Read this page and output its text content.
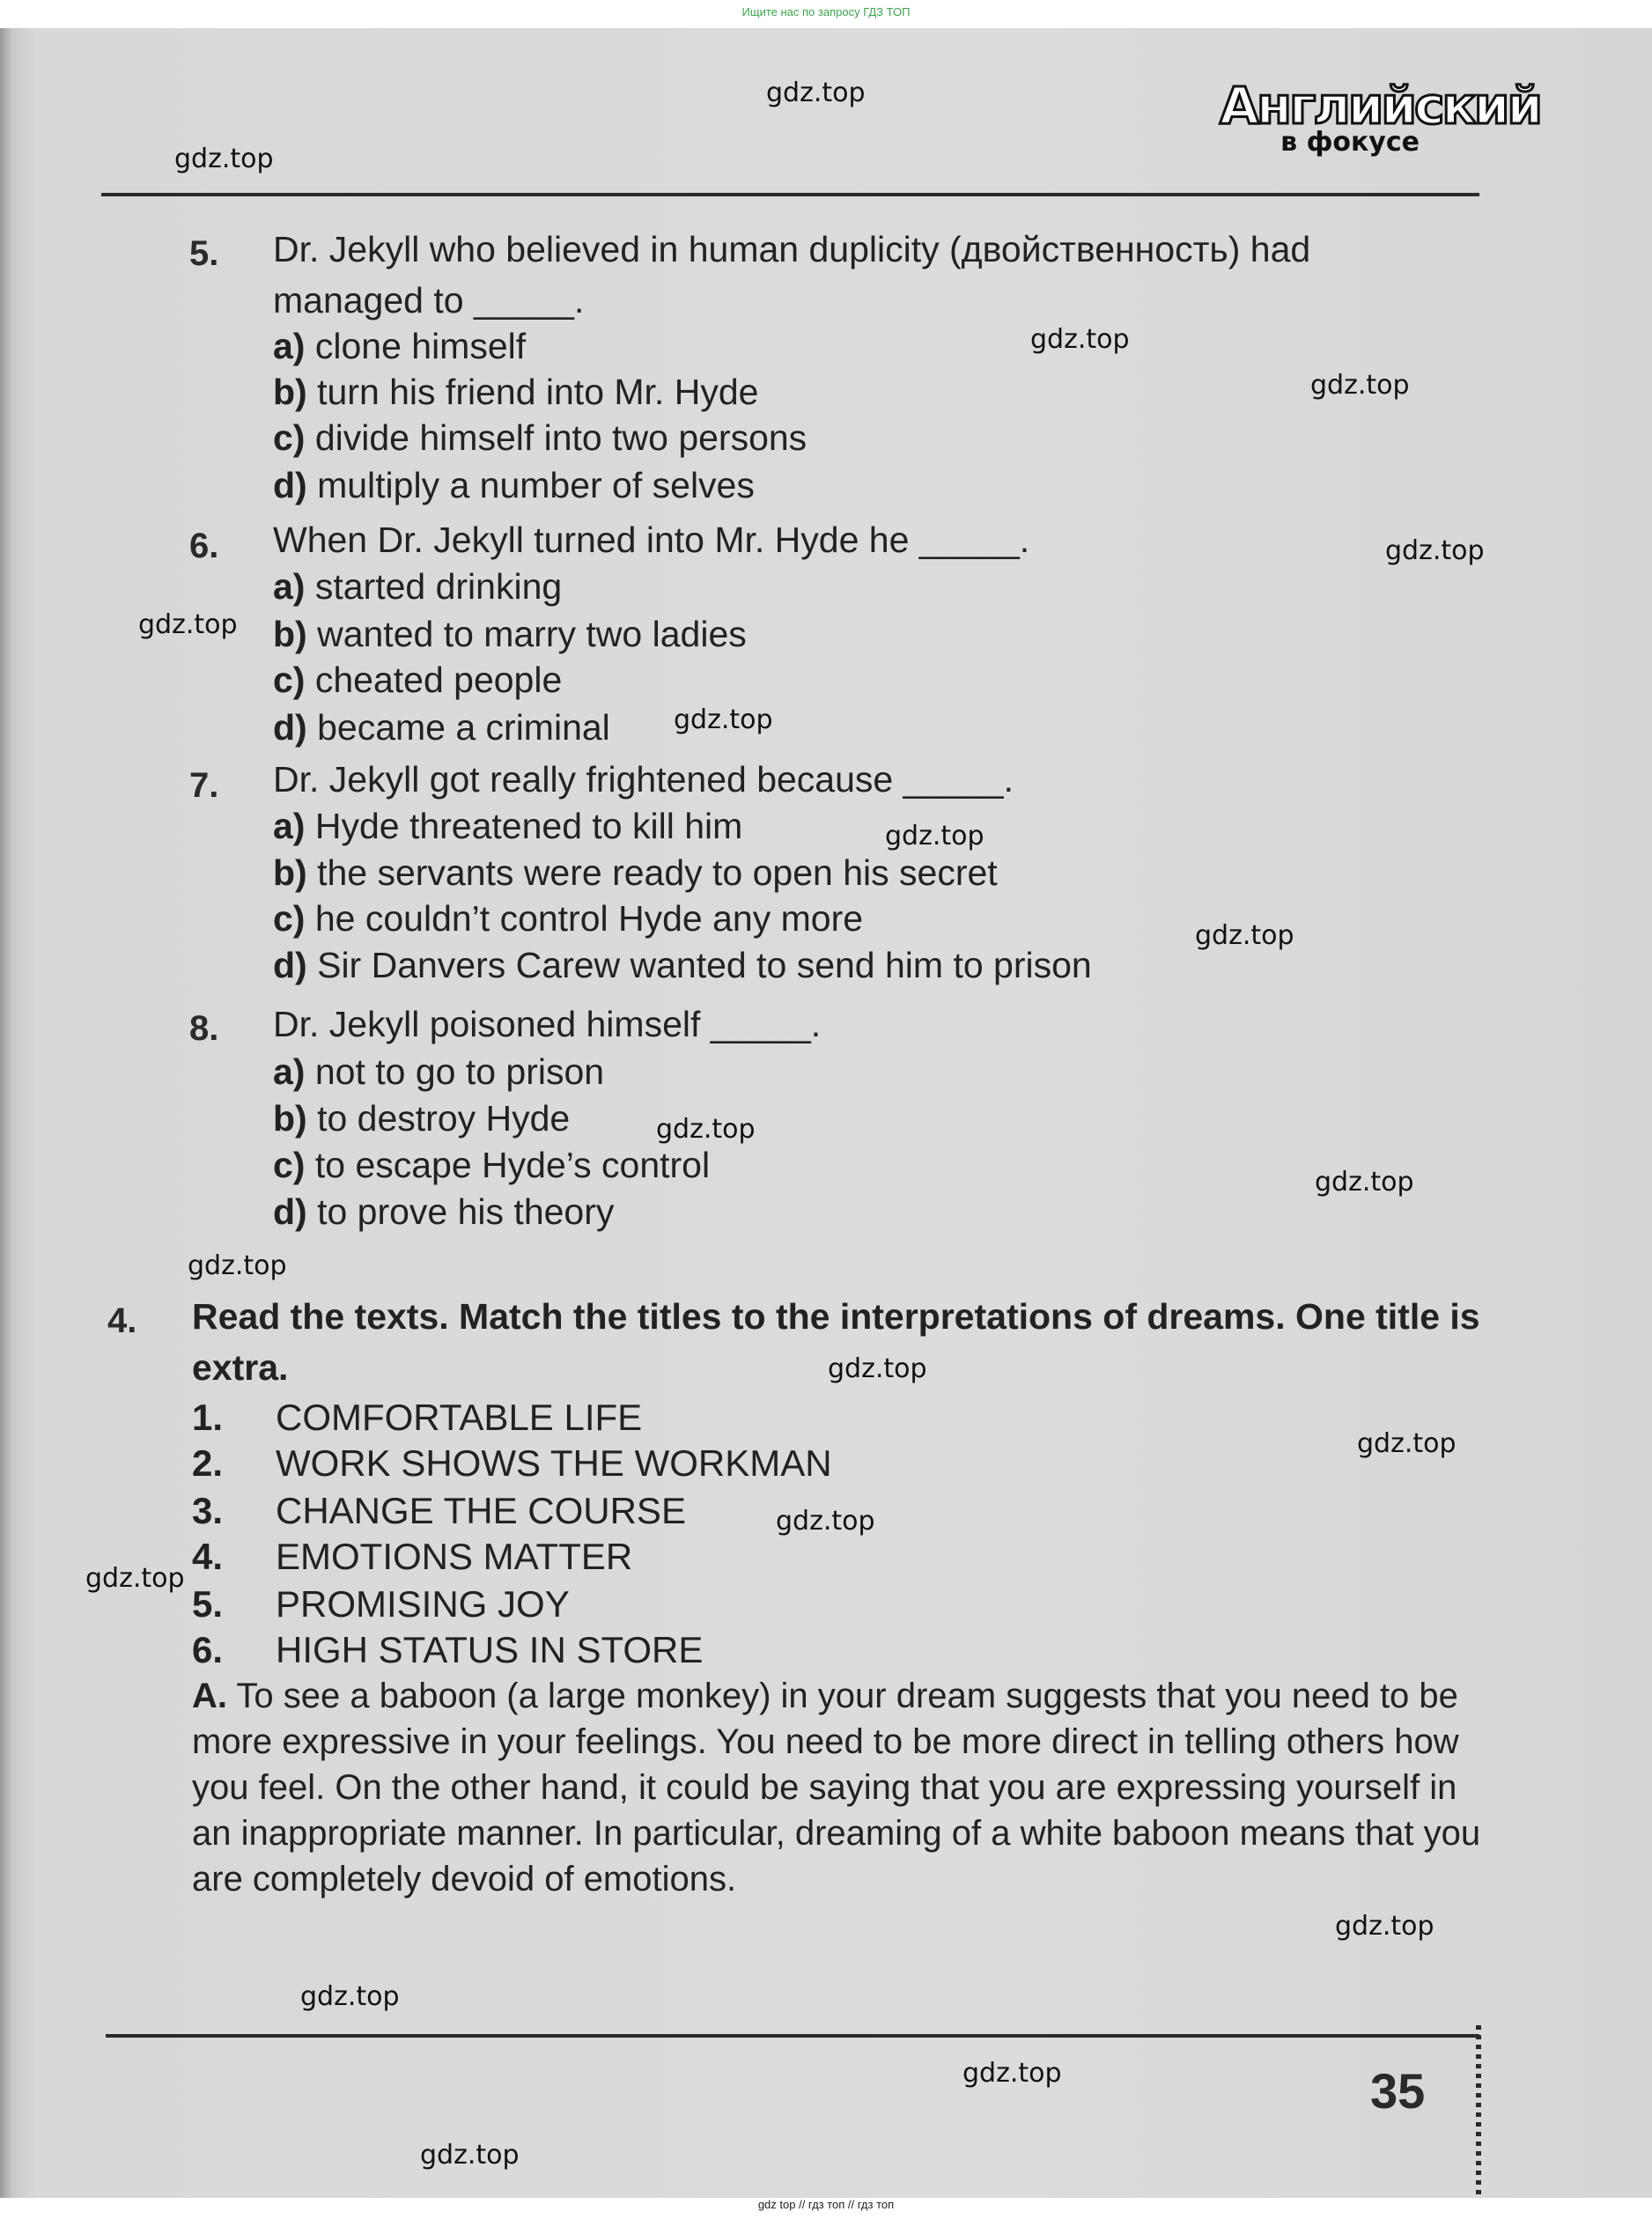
Ищите нас по запросу ГДЗ ТОП
Английский
в фокусе
5. Dr. Jekyll who believed in human duplicity (двойственность) had
managed to _____.
a) clone himself
b) turn his friend into Mr. Hyde
c) divide himself into two persons
d) multiply a number of selves
6. When Dr. Jekyll turned into Mr. Hyde he _____.
a) started drinking
b) wanted to marry two ladies
c) cheated people
d) became a criminal
7. Dr. Jekyll got really frightened because _____.
a) Hyde threatened to kill him
b) the servants were ready to open his secret
c) he couldn’t control Hyde any more
d) Sir Danvers Carew wanted to send him to prison
8. Dr. Jekyll poisoned himself _____.
a) not to go to prison
b) to destroy Hyde
c) to escape Hyde’s control
d) to prove his theory
4. Read the texts. Match the titles to the interpretations of dreams. One title is extra.
1. COMFORTABLE LIFE
2. WORK SHOWS THE WORKMAN
3. CHANGE THE COURSE
4. EMOTIONS MATTER
5. PROMISING JOY
6. HIGH STATUS IN STORE
A. To see a baboon (a large monkey) in your dream suggests that you need to be more expressive in your feelings. You need to be more direct in telling others how you feel. On the other hand, it could be saying that you are expressing yourself in an inappropriate manner. In particular, dreaming of a white baboon means that you are completely devoid of emotions.
35
gdz.top
gdz.top
gdz.top
gdz.top
gdz.top
gdz.top
gdz.top
gdz.top
gdz.top
gdz.top
gdz.top
gdz.top
gdz.top
gdz.top
gdz.top
gdz.top
gdz.top
gdz.top
gdz.top
gdz.top
gdz top // гдз топ // гдз топ
